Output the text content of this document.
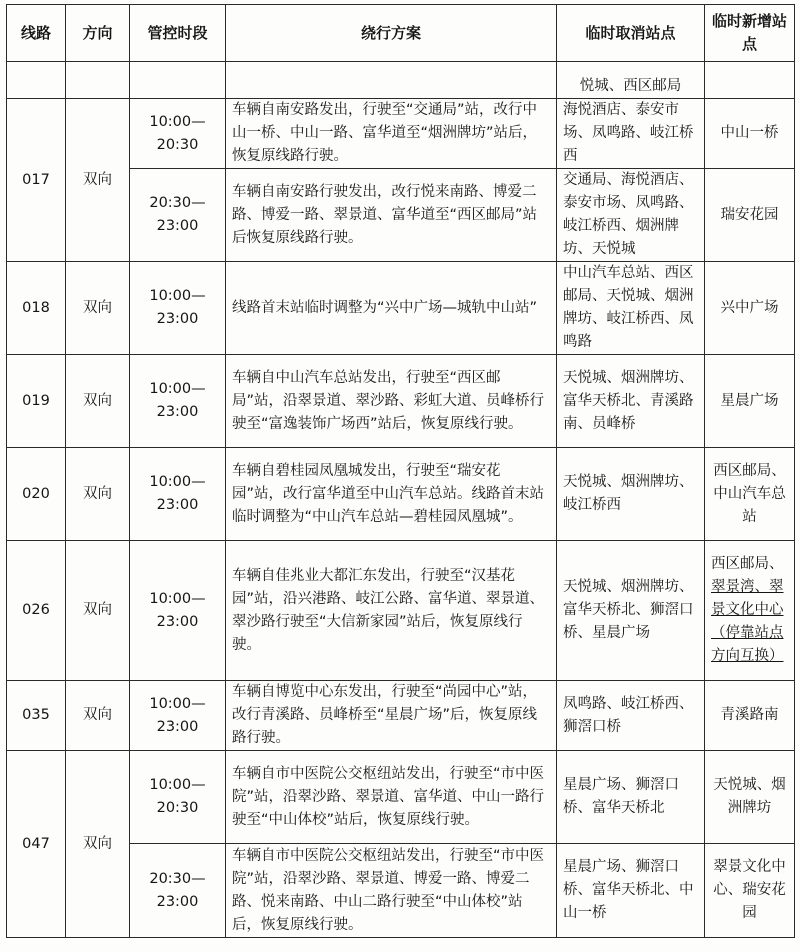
线路	方向	管控时段	绕行方案	临时取消站点	临时新增站点
				悦城、西区邮局	
017	双向	10:00—20:30	车辆自南安路发出，行驶至“交通局”站，改行中山一桥、中山一路、富华道至“烟洲牌坊”站后，恢复原线路行驶。	海悦酒店、泰安市场、凤鸣路、岐江桥西	中山一桥
		20:30—23:00	车辆自南安路行驶发出，改行悦来南路、博爱二路、博爱一路、翠景道、富华道至“西区邮局”站后恢复原线路行驶。	交通局、海悦酒店、泰安市场、凤鸣路、岐江桥西、烟洲牌坊、天悦城	瑞安花园
018	双向	10:00—23:00	线路首末站临时调整为“兴中广场—城轨中山站”	中山汽车总站、西区邮局、天悦城、烟洲牌坊、岐江桥西、凤鸣路	兴中广场
019	双向	10:00—23:00	车辆自中山汽车总站发出，行驶至“西区邮局”站，沿翠景道、翠沙路、彩虹大道、员峰桥行驶至“富逸装饰广场西”站后，恢复原线行驶。	天悦城、烟洲牌坊、富华天桥北、青溪路南、员峰桥	星晨广场
020	双向	10:00—23:00	车辆自碧桂园凤凰城发出，行驶至“瑞安花园”站，改行富华道至中山汽车总站。线路首末站临时调整为“中山汽车总站—碧桂园凤凰城”。	天悦城、烟洲牌坊、岐江桥西	西区邮局、中山汽车总站
026	双向	10:00—23:00	车辆自佳兆业大都汇东发出，行驶至“汉基花园”站，沿兴港路、岐江公路、富华道、翠景道、翠沙路行驶至“大信新家园”站后，恢复原线行驶。	天悦城、烟洲牌坊、富华天桥北、狮滘口桥、星晨广场	西区邮局、翠景湾、翠景文化中心（停靠站点方向互换）
035	双向	10:00—23:00	车辆自博览中心东发出，行驶至“尚园中心”站，改行青溪路、员峰桥至“星晨广场”后，恢复原线路行驶。	凤鸣路、岐江桥西、狮滘口桥	青溪路南
047	双向	10:00—20:30	车辆自市中医院公交枢纽站发出，行驶至“市中医院”站，沿翠沙路、翠景道、富华道、中山一路行驶至“中山体校”站后，恢复原线行驶。	星晨广场、狮滘口桥、富华天桥北	天悦城、烟洲牌坊
		20:30—23:00	车辆自市中医院公交枢纽站发出，行驶至“市中医院”站，沿翠沙路、翠景道、博爱一路、博爱二路、悦来南路、中山二路行驶至“中山体校”站后，恢复原线行驶。	星晨广场、狮滘口桥、富华天桥北、中山一桥	翠景文化中心、瑞安花园
